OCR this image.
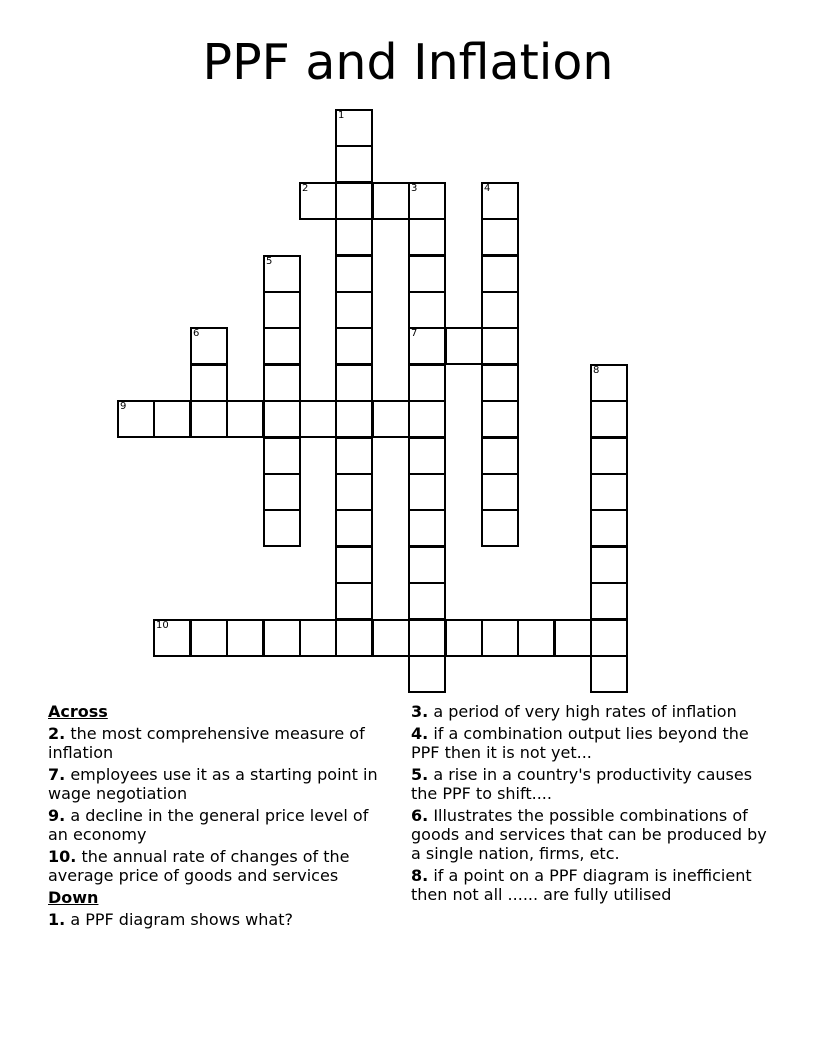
PPF and Inflation
1
2	3
7
4
5
6
8
9
10
Across
2. the most comprehensive measure of inflation
7. employees use it as a starting point in wage negotiation
9. a decline in the general price level of an economy
10. the annual rate of changes of the average price of goods and services
Down
1. a PPF diagram shows what?
3. a period of very high rates of inflation
4. if a combination output lies beyond the PPF then it is not yet...
5. a rise in a country's productivity causes the PPF to shift....
6. Illustrates the possible combinations of goods and services that can be produced by a single nation, firms, etc.
8. if a point on a PPF diagram is inefficient then not all ...... are fully utilised
